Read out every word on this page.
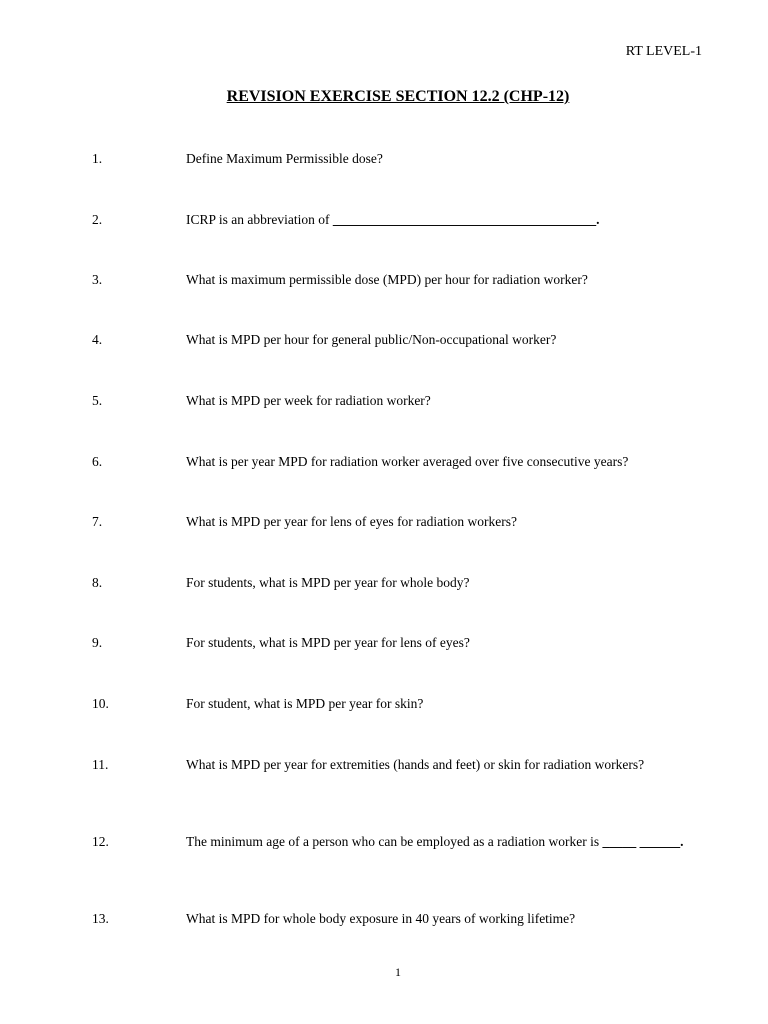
RT LEVEL-1
REVISION EXERCISE SECTION 12.2 (CHP-12)
1.	Define Maximum Permissible dose?
2.	ICRP is an abbreviation of _______________________________________.
3.	What is maximum permissible dose (MPD) per hour for radiation worker?
4.	What is MPD per hour for general public/Non-occupational worker?
5.	What is MPD per week for radiation worker?
6.	What is per year MPD for radiation worker averaged over five consecutive years?
7.	What is MPD per year for lens of eyes for radiation workers?
8.	For students, what is MPD per year for whole body?
9.	For students, what is MPD per year for lens of eyes?
10.	For student, what is MPD per year for skin?
11.	What is MPD per year for extremities (hands and feet) or skin for radiation workers?
12.	The minimum age of a person who can be employed as a radiation worker is _____ ______.
13.	What is MPD for whole body exposure in 40 years of working lifetime?
1
